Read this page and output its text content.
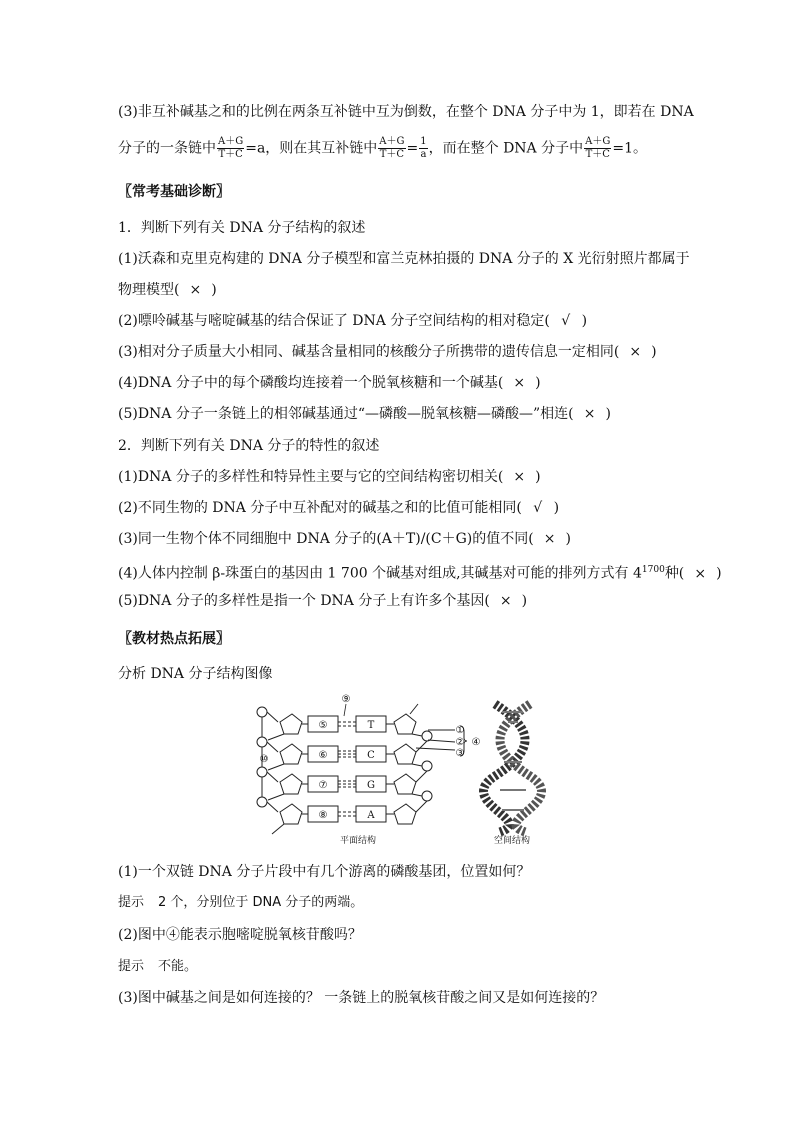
(3)非互补碱基之和的比例在两条互补链中互为倒数，在整个 DNA 分子中为 1，即若在 DNA
分子的一条链中 $\frac{A+G}{T+C} =a$，则在其互补链中 $\frac{A+G}{T+C} = \frac{1}{a}$ ，而在整个 DNA 分子中 $\frac{A+G}{T+C} =1$。
〖常考基础诊断〗
1．判断下列有关 DNA 分子结构的叙述
(1)沃森和克里克构建的 DNA 分子模型和富兰克林拍摄的 DNA 分子的 X 光衍射照片都属于
物理模型( × )
(2)嘌呤碱基与嘧啶碱基的结合保证了 DNA 分子空间结构的相对稳定( √ )
(3)相对分子质量大小相同、碱基含量相同的核酸分子所携带的遗传信息一定相同( × )
(4)DNA 分子中的每个磷酸均连接着一个脱氧核糖和一个碱基( × )
(5)DNA 分子一条链上的相邻碱基通过“—磷酸—脱氧核糖—磷酸—”相连( × )
2．判断下列有关 DNA 分子的特性的叙述
(1)DNA 分子的多样性和特异性主要与它的空间结构密切相关( × )
(2)不同生物的 DNA 分子中互补配对的碱基之和的比值可能相同( √ )
(3)同一生物个体不同细胞中 DNA 分子的(A＋T)/(C＋G)的值不同( × )
(4)人体内控制 β-珠蛋白的基因由 1 700 个碱基对组成,其碱基对可能的排列方式有 $4^{1700}$种( × )
(5)DNA 分子的多样性是指一个 DNA 分子上有许多个基因( × )
〖教材热点拓展〗
分析 DNA 分子结构图像
⑤
⑥
⑦
⑧
T
C
G
A
⑨
⑩
①
②
③
④
平面结构	空间结构
(1)一个双链 DNA 分子片段中有几个游离的磷酸基团，位置如何？
提示 2 个，分别位于 DNA 分子的两端。
(2)图中④能表示胞嘧啶脱氧核苷酸吗？
提示 不能。
(3)图中碱基之间是如何连接的？ 一条链上的脱氧核苷酸之间又是如何连接的？
